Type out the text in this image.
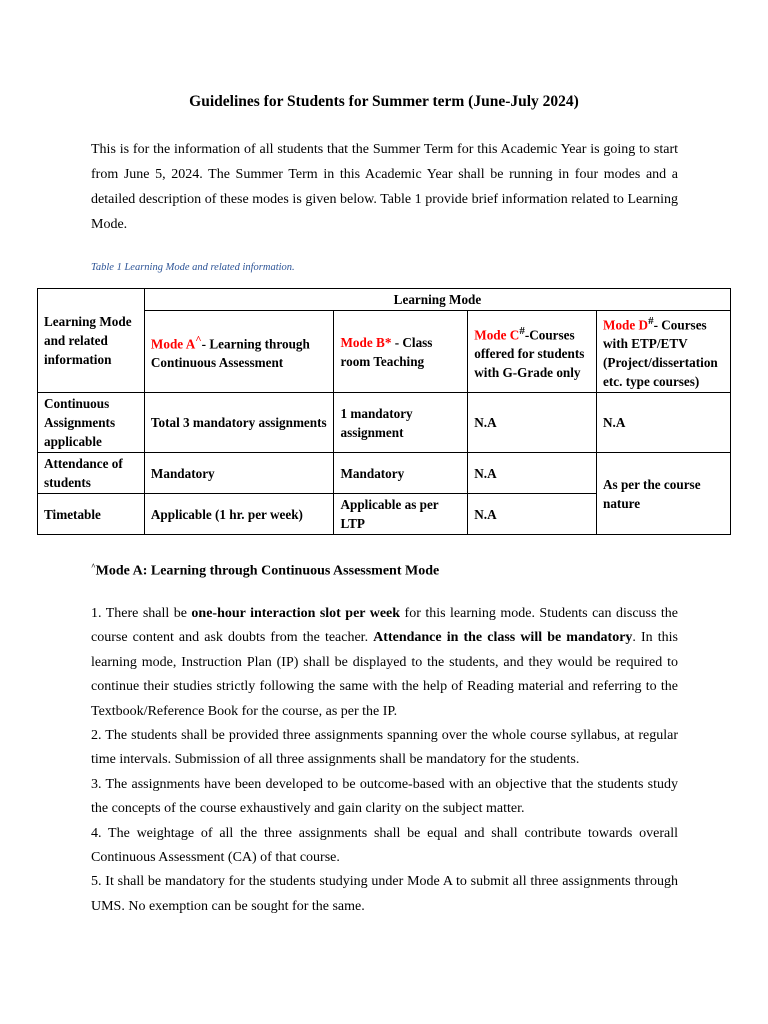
Guidelines for Students for Summer term (June-July 2024)

This is for the information of all students that the Summer Term for this Academic Year is going to start from June 5, 2024. The Summer Term in this Academic Year shall be running in four modes and a detailed description of these modes is given below. Table 1 provide brief information related to Learning Mode.

Table 1 Learning Mode and related information.
Learning Mode and related information	Learning Mode			
	Mode A^- Learning through Continuous Assessment	Mode B* - Class room Teaching	Mode C#-Courses offered for students with G-Grade only	Mode D#- Courses with ETP/ETV (Project/dissertation etc. type courses)
Continuous Assignments applicable	Total 3 mandatory assignments	1 mandatory assignment	N.A	N.A
Attendance of students	Mandatory	Mandatory	N.A	As per the course nature
Timetable	Applicable (1 hr. per week)	Applicable as per LTP	N.A	
^Mode A: Learning through Continuous Assessment Mode

1. There shall be one-hour interaction slot per week for this learning mode. Students can discuss the course content and ask doubts from the teacher. Attendance in the class will be mandatory. In this learning mode, Instruction Plan (IP) shall be displayed to the students, and they would be required to continue their studies strictly following the same with the help of Reading material and referring to the Textbook/Reference Book for the course, as per the IP.

2. The students shall be provided three assignments spanning over the whole course syllabus, at regular time intervals. Submission of all three assignments shall be mandatory for the students.

3. The assignments have been developed to be outcome-based with an objective that the students study the concepts of the course exhaustively and gain clarity on the subject matter.

4. The weightage of all the three assignments shall be equal and shall contribute towards overall Continuous Assessment (CA) of that course.

5. It shall be mandatory for the students studying under Mode A to submit all three assignments through UMS. No exemption can be sought for the same.
